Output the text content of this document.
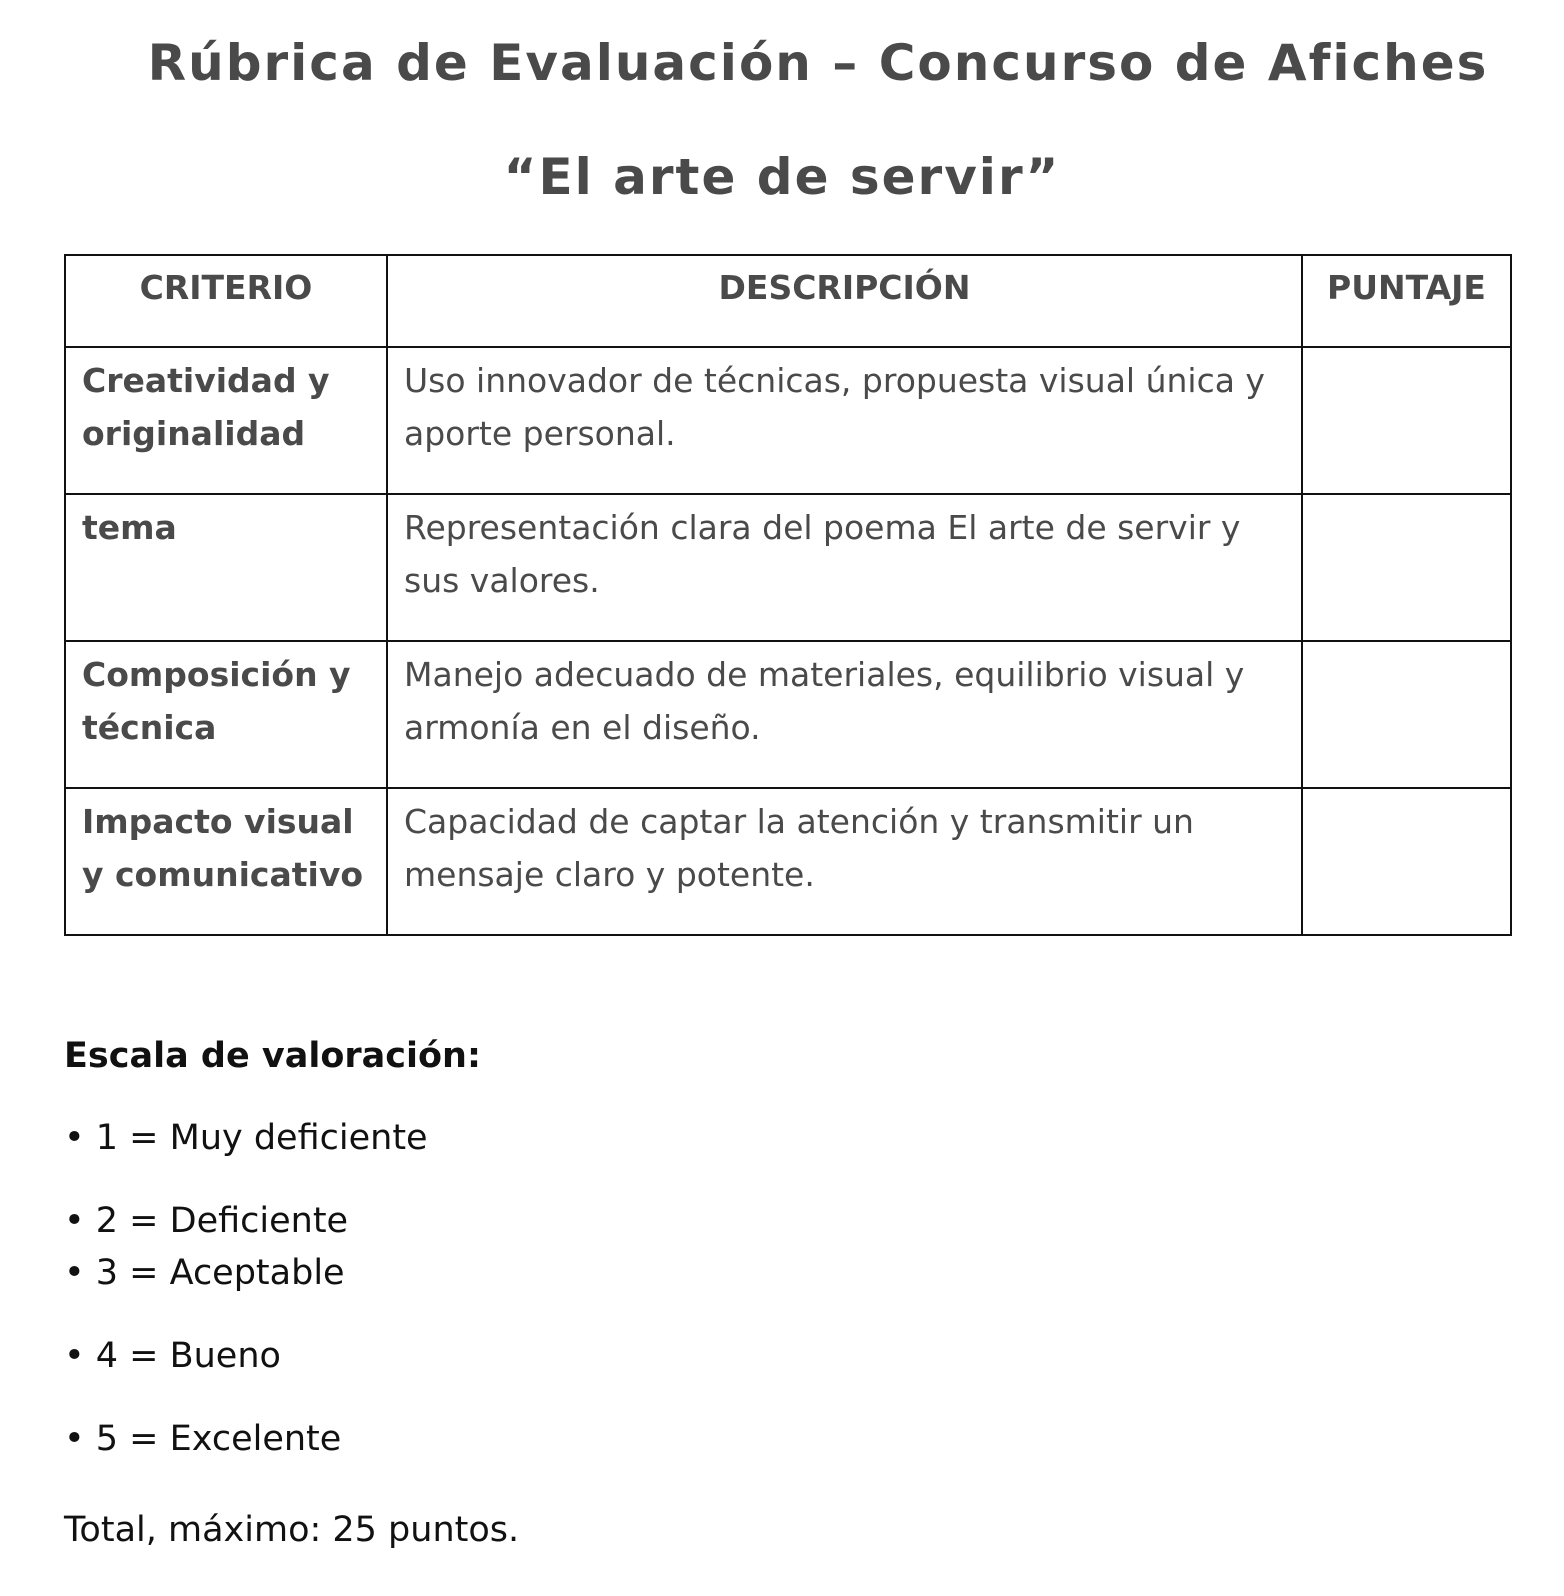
Rúbrica de Evaluación – Concurso de Afiches
“El arte de servir”
CRITERIO	DESCRIPCIÓN	PUNTAJE
Creatividad y originalidad	Uso innovador de técnicas, propuesta visual única y aporte personal.	
tema	Representación clara del poema El arte de servir y sus valores.	
Composición y técnica	Manejo adecuado de materiales, equilibrio visual y armonía en el diseño.	
Impacto visual y comunicativo	Capacidad de captar la atención y transmitir un mensaje claro y potente.	

Escala de valoración:

• 1 = Muy deficiente

• 2 = Deficiente

• 3 = Aceptable

• 4 = Bueno

• 5 = Excelente

Total, máximo: 25 puntos.
